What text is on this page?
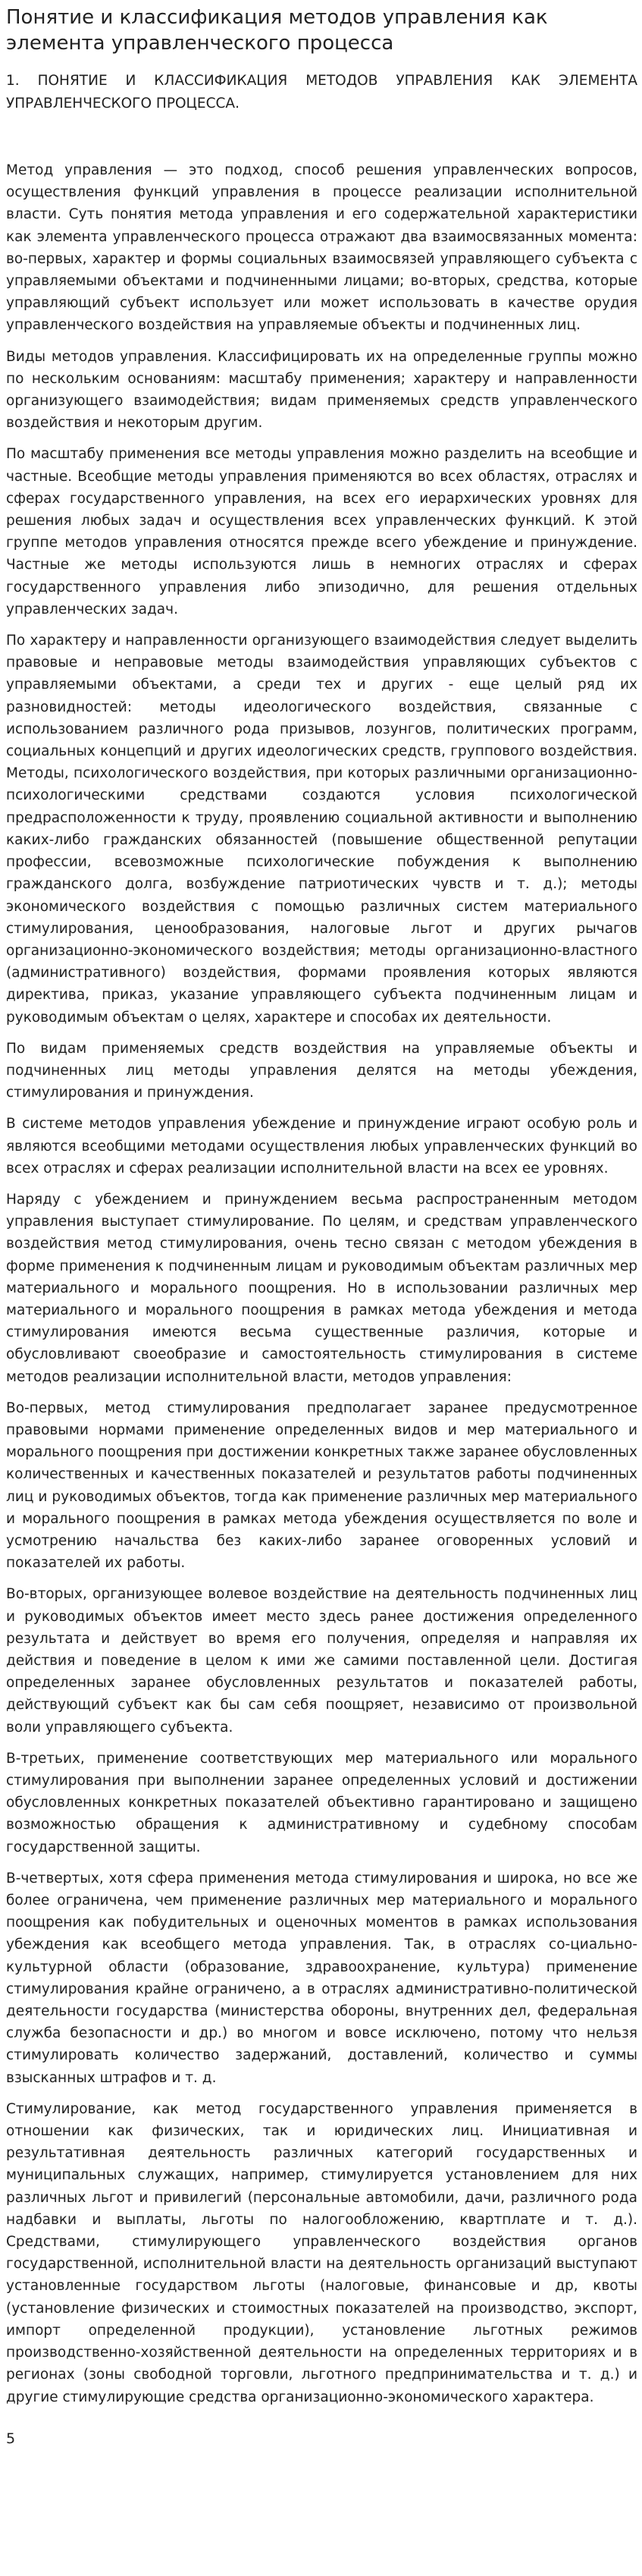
Понятие и классификация методов управления как элемента управленческого процесса
1. ПОНЯТИЕ И КЛАССИФИКАЦИЯ МЕТОДОВ УПРАВЛЕНИЯ КАК ЭЛЕМЕНТА УПРАВЛЕНЧЕСКОГО ПРОЦЕССА.

Метод управления — это подход, способ решения управленческих вопросов, осуществления функций управления в процессе реализации исполнительной власти. Суть понятия метода управления и его содержательной характеристики как элемента управленческого процесса отражают два взаимосвязанных момента: во-первых, характер и формы социальных взаимосвязей управляющего субъекта с управляемыми объектами и подчиненными лицами; во-вторых, средства, которые управляющий субъект использует или может использовать в качестве орудия управленческого воздействия на управляемые объекты и подчиненных лиц.

Виды методов управления. Классифицировать их на определенные группы можно по нескольким основаниям: масштабу применения; характеру и направленности организующего взаимодействия; видам применяемых средств управленческого воздействия и некоторым другим.

По масштабу применения все методы управления можно разделить на всеобщие и частные. Всеобщие методы управления применяются во всех областях, отраслях и сферах государственного управления, на всех его иерархических уровнях для решения любых задач и осуществления всех управленческих функций. К этой группе методов управления относятся прежде всего убеждение и принуждение. Частные же методы используются лишь в немногих отраслях и сферах государственного управления либо эпизодично, для решения отдельных управленческих задач.

По характеру и направленности организующего взаимодействия следует выделить правовые и неправовые методы взаимодействия управляющих субъектов с управляемыми объектами, а среди тех и других - еще целый ряд их разновидностей: методы идеологического воздействия, связанные с использованием различного рода призывов, лозунгов, политических программ, социальных концепций и других идеологических средств, группового воздействия. Методы, психологического воздействия, при которых различными организационно-психологическими средствами создаются условия психологической предрасположенности к труду, проявлению социальной активности и выполнению каких-либо гражданских обязанностей (повышение общественной репутации профессии, всевозможные психологические побуждения к выполнению гражданского долга, возбуждение патриотических чувств и т. д.); методы экономического воздействия с помощью различных систем материального стимулирования, ценообразования, налоговые льгот и других рычагов организационно-экономического воздействия; методы организационно-властного (административного) воздействия, формами проявления которых являются директива, приказ, указание управляющего субъекта подчиненным лицам и руководимым объектам о целях, характере и способах их деятельности.

По видам применяемых средств воздействия на управляемые объекты и подчиненных лиц методы управления делятся на методы убеждения, стимулирования и принуждения.

В системе методов управления убеждение и принуждение играют особую роль и являются всеобщими методами осуществления любых управленческих функций во всех отраслях и сферах реализации исполнительной власти на всех ее уровнях.

Наряду с убеждением и принуждением весьма распространенным методом управления выступает стимулирование. По целям, и средствам управленческого воздействия метод стимулирования, очень тесно связан с методом убеждения в форме применения к подчиненным лицам и руководимым объектам различных мер материального и морального поощрения. Но в использовании различных мер материального и морального поощрения в рамках метода убеждения и метода стимулирования имеются весьма существенные различия, которые и обусловливают своеобразие и самостоятельность стимулирования в системе методов реализации исполнительной власти, методов управления:

Во-первых, метод стимулирования предполагает заранее предусмотренное правовыми нормами применение определенных видов и мер материального и морального поощрения при достижении конкретных также заранее обусловленных количественных и качественных показателей и результатов работы подчиненных лиц и руководимых объектов, тогда как применение различных мер материального и морального поощрения в рамках метода убеждения осуществляется по воле и усмотрению начальства без каких-либо заранее оговоренных условий и показателей их работы.

Во-вторых, организующее волевое воздействие на деятельность подчиненных лиц и руководимых объектов имеет место здесь ранее достижения определенного результата и действует во время его получения, определяя и направляя их действия и поведение в целом к ими же самими поставленной цели. Достигая определенных заранее обусловленных результатов и показателей работы, действующий субъект как бы сам себя поощряет, независимо от произвольной воли управляющего субъекта.

В-третьих, применение соответствующих мер материального или морального стимулирования при выполнении заранее определенных условий и достижении обусловленных конкретных показателей объективно гарантировано и защищено возможностью обращения к административному и судебному способам государственной защиты.

В-четвертых, хотя сфера применения метода стимулирования и широка, но все же более ограничена, чем применение различных мер материального и морального поощрения как побудительных и оценочных моментов в рамках использования убеждения как всеобщего метода управления. Так, в отраслях со-циально-культурной области (образование, здравоохранение, культура) применение стимулирования крайне ограничено, а в отраслях административно-политической деятельности государства (министерства обороны, внутренних дел, федеральная служба безопасности и др.) во многом и вовсе исключено, потому что нельзя стимулировать количество задержаний, доставлений, количество и суммы взысканных штрафов и т. д.

Стимулирование, как метод государственного управления применяется в отношении как физических, так и юридических лиц. Инициативная и результативная деятельность различных категорий государственных и муниципальных служащих, например, стимулируется установлением для них различных льгот и привилегий (персональные автомобили, дачи, различного рода надбавки и выплаты, льготы по налогообложению, квартплате и т. д.). Средствами, стимулирующего управленческого воздействия органов государственной, исполнительной власти на деятельность организаций выступают установленные государством льготы (налоговые, финансовые и др, квоты (установление физических и стоимостных показателей на производство, экспорт, импорт определенной продукции), установление льготных режимов производственно-хозяйственной деятельности на определенных территориях и в регионах (зоны свободной торговли, льготного предпринимательства и т. д.) и другие стимулирующие средства организационно-экономического характера.

5
